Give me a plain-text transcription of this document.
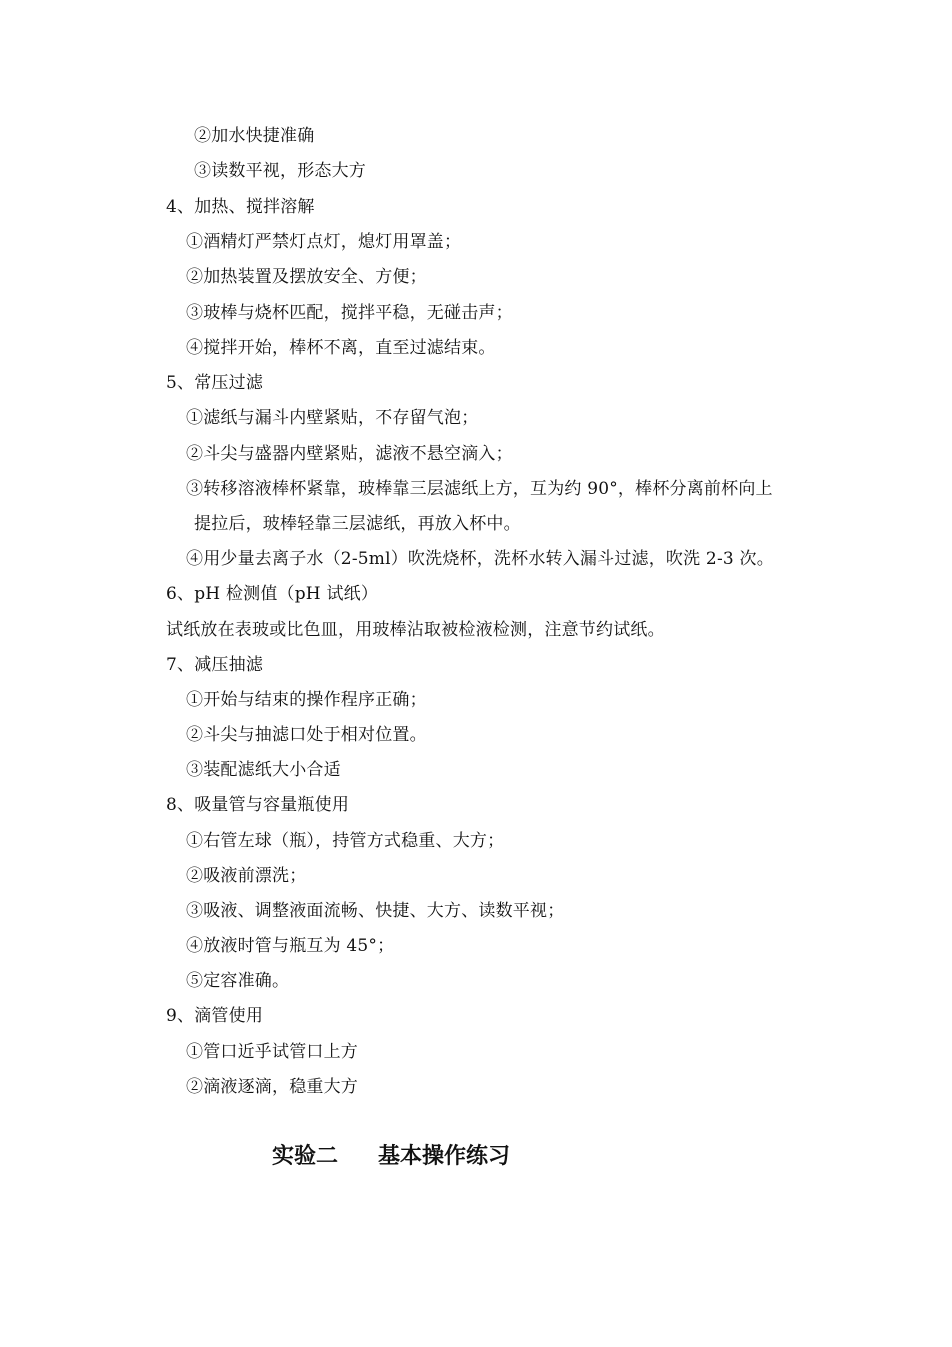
②加水快捷准确
③读数平视，形态大方
4、加热、搅拌溶解
①酒精灯严禁灯点灯，熄灯用罩盖；
②加热装置及摆放安全、方便；
③玻棒与烧杯匹配，搅拌平稳，无碰击声；
④搅拌开始，棒杯不离，直至过滤结束。
5、常压过滤
①滤纸与漏斗内壁紧贴，不存留气泡；
②斗尖与盛器内壁紧贴，滤液不悬空滴入；
③转移溶液棒杯紧靠，玻棒靠三层滤纸上方，互为约 90°，棒杯分离前杯向上
提拉后，玻棒轻靠三层滤纸，再放入杯中。
④用少量去离子水（2-5ml）吹洗烧杯，洗杯水转入漏斗过滤，吹洗 2-3 次。
6、pH 检测值（pH 试纸）
试纸放在表玻或比色皿，用玻棒沾取被检液检测，注意节约试纸。
7、减压抽滤
①开始与结束的操作程序正确；
②斗尖与抽滤口处于相对位置。
③装配滤纸大小合适
8、吸量管与容量瓶使用
①右管左球（瓶），持管方式稳重、大方；
②吸液前漂洗；
③吸液、调整液面流畅、快捷、大方、读数平视；
④放液时管与瓶互为 45°；
⑤定容准确。
9、滴管使用
①管口近乎试管口上方
②滴液逐滴，稳重大方
实验二 基本操作练习
